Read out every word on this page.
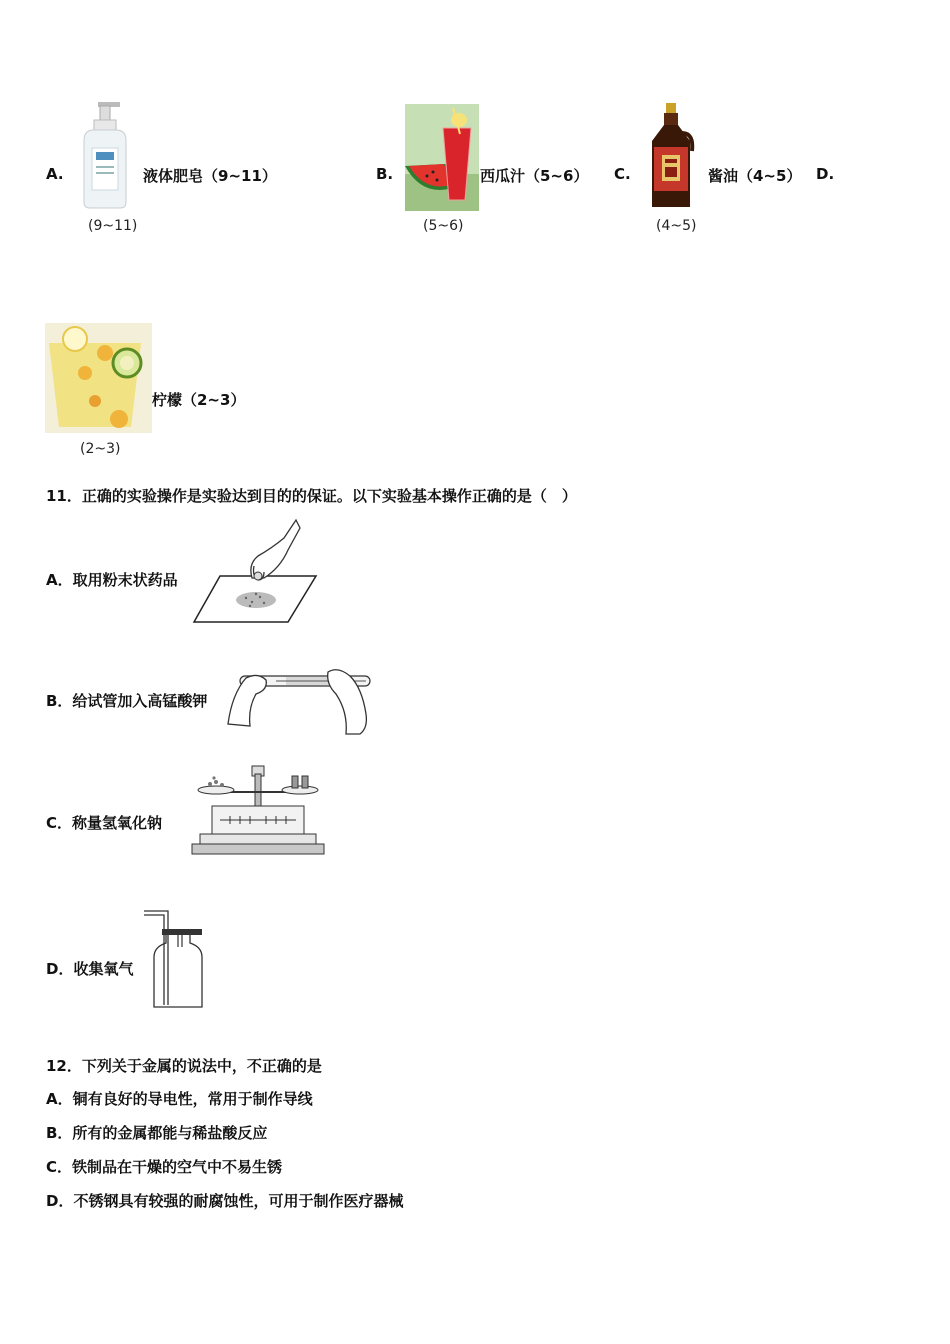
A.
(9~11)
液体肥皂（9~11）	B.
(5~6)
西瓜汁（5~6） C.
(4~5)
酱油（4~5） D.
(2~3)
柠檬（2~3）
11．正确的实验操作是实验达到目的的保证。以下实验基本操作正确的是（　）
A．取用粉末状药品
B．给试管加入高锰酸钾
C．称量氢氧化钠
D．收集氧气
12．下列关于金属的说法中，不正确的是
A．铜有良好的导电性，常用于制作导线
B．所有的金属都能与稀盐酸反应
C．铁制品在干燥的空气中不易生锈
D．不锈钢具有较强的耐腐蚀性，可用于制作医疗器械
